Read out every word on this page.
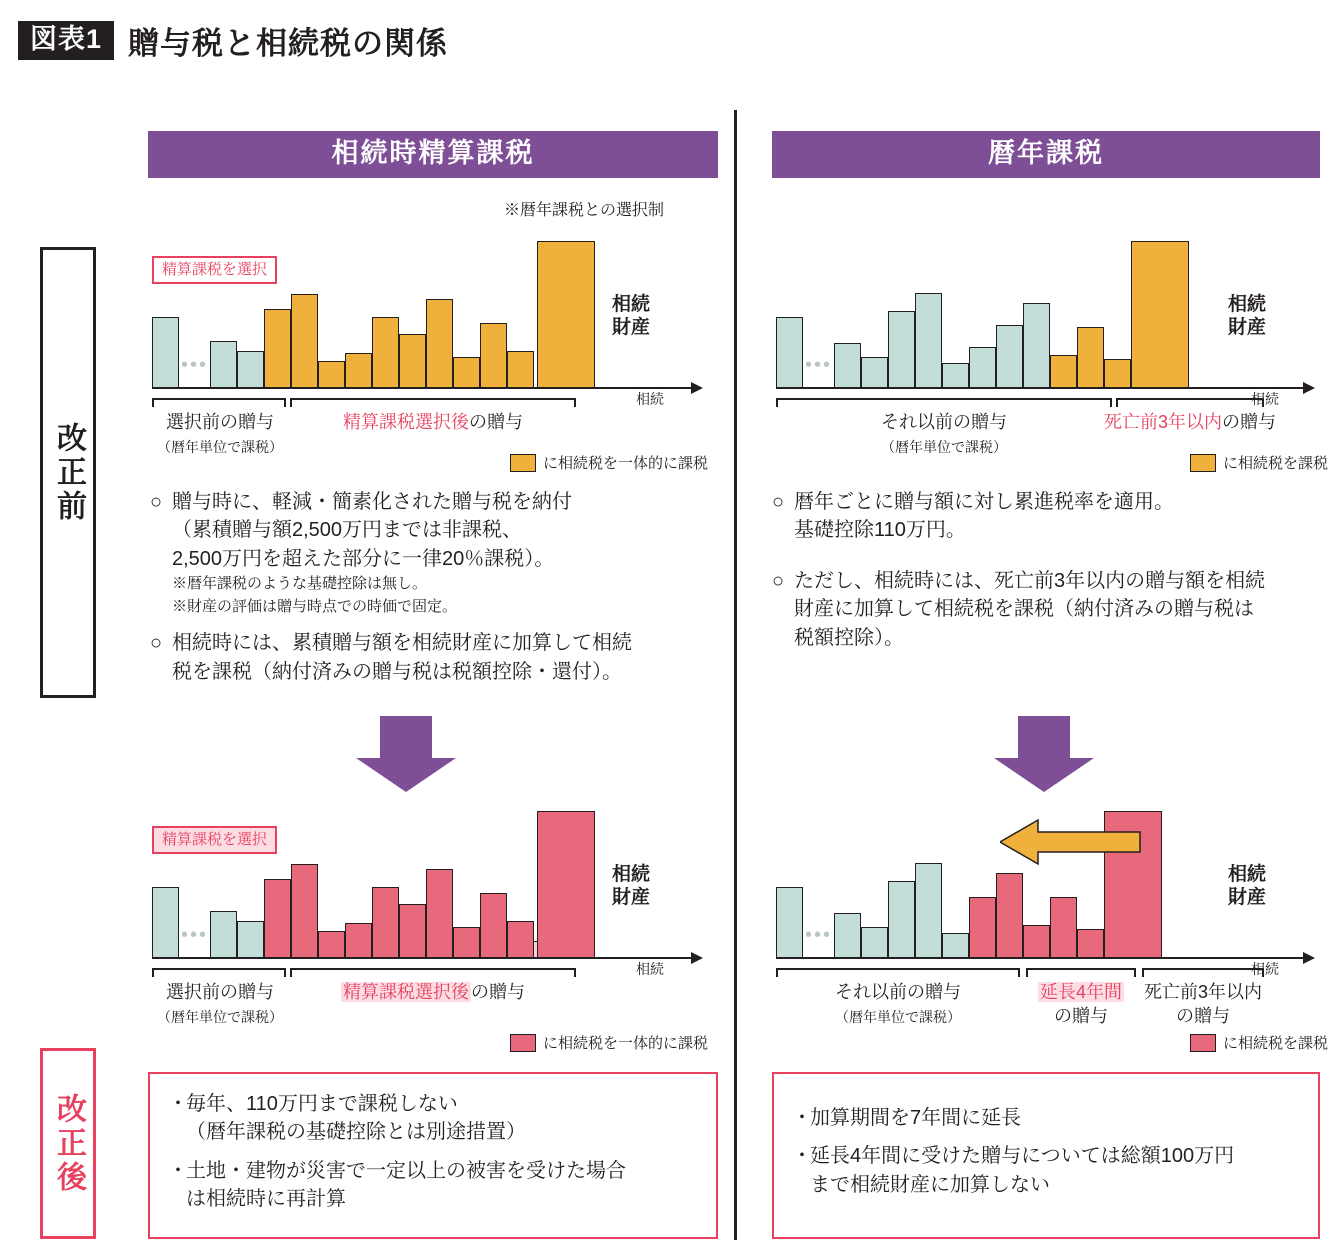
図表1 贈与税と相続税の関係
相続時精算課税	暦年課税
※暦年課税との選択制
改正前
改正後
•••
相続
相続
財産
精算課税を選択
選択前の贈与
（暦年単位で課税）
精算課税選択後の贈与
に相続税を一体的に課税
•••
相続
相続
財産
それ以前の贈与
（暦年単位で課税）
死亡前3年以内の贈与
に相続税を課税
○ 贈与時に、軽減・簡素化された贈与税を納付
（累積贈与額2,500万円までは非課税、
2,500万円を超えた部分に一律20％課税）。
※暦年課税のような基礎控除は無し。
※財産の評価は贈与時点での時価で固定。
○ 相続時には、累積贈与額を相続財産に加算して相続
税を課税（納付済みの贈与税は税額控除・還付）。
○ 暦年ごとに贈与額に対し累進税率を適用。
基礎控除110万円。
○ ただし、相続時には、死亡前3年以内の贈与額を相続
財産に加算して相続税を課税（納付済みの贈与税は
税額控除）。
•••
相続
相続
財産
精算課税を選択
選択前の贈与
（暦年単位で課税）
精算課税選択後 の贈与
に相続税を一体的に課税
•••
相続
相続
財産
それ以前の贈与
（暦年単位で課税）
延長4年間
の贈与
死亡前3年以内
の贈与
に相続税を課税
・
毎年、110万円まで課税しない
（暦年課税の基礎控除とは別途措置）
・
土地・建物が災害で一定以上の被害を受けた場合
は相続時に再計算
・
加算期間を7年間に延長
・
延長4年間に受けた贈与については総額100万円
まで相続財産に加算しない
